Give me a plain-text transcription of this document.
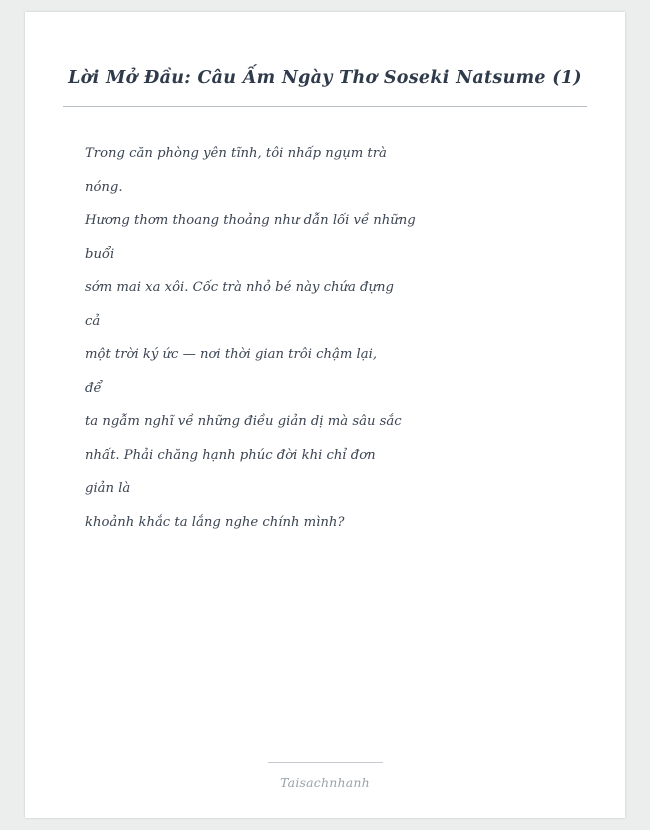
Lời Mở Đầu: Câu Ấm Ngày Thơ Soseki Natsume (1)
Trong căn phòng yên tĩnh, tôi nhấp ngụm trà
nóng.
Hương thơm thoang thoảng như dẫn lối về những
buổi
sớm mai xa xôi. Cốc trà nhỏ bé này chứa đựng
cả
một trời ký ức — nơi thời gian trôi chậm lại,
để
ta ngẫm nghĩ về những điều giản dị mà sâu sắc
nhất. Phải chăng hạnh phúc đời khi chỉ đơn
giản là
khoảnh khắc ta lắng nghe chính mình?
Taisachnhanh
